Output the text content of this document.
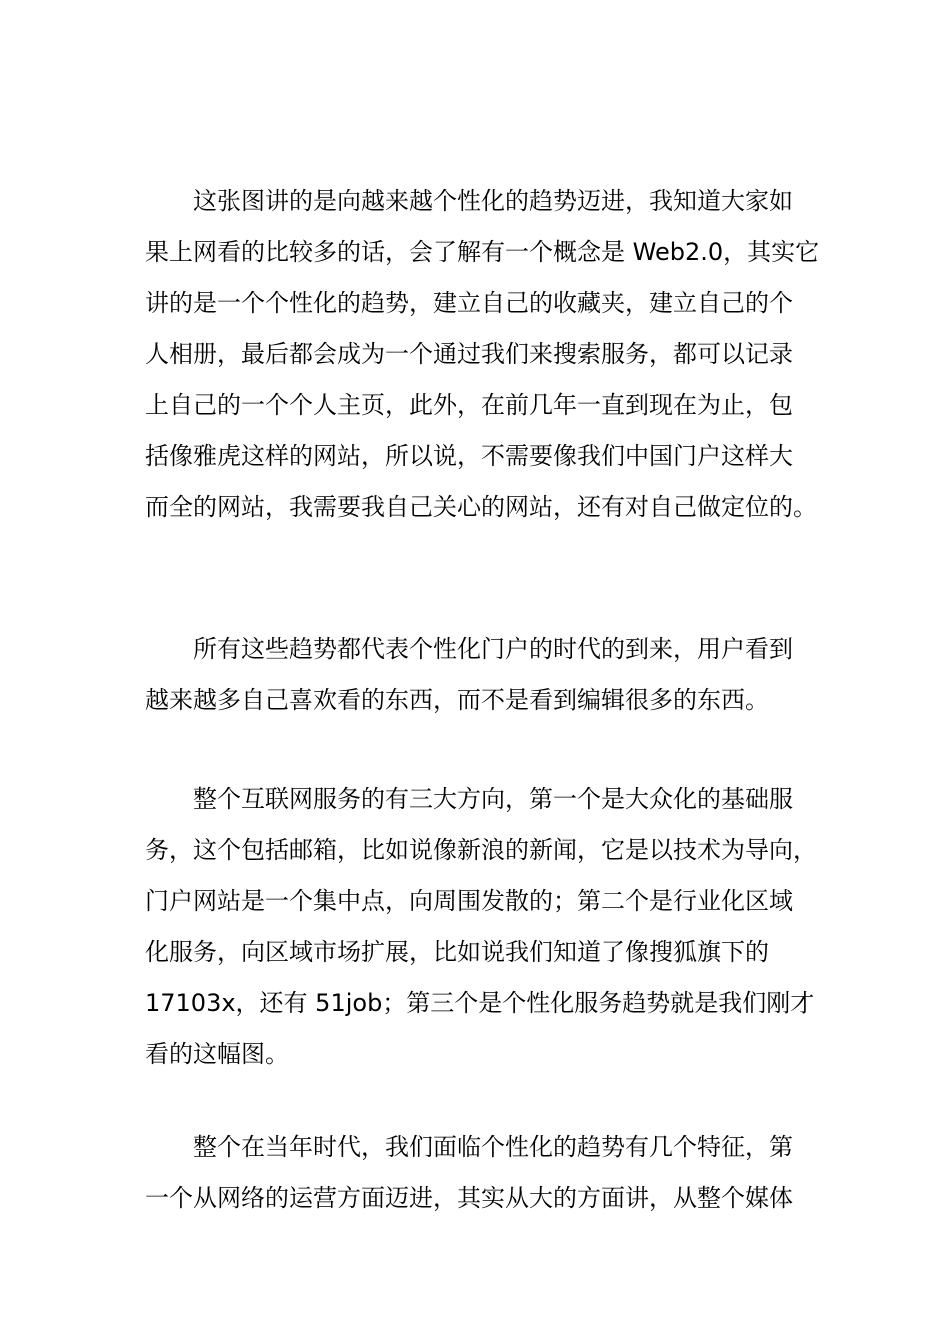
这张图讲的是向越来越个性化的趋势迈进，我知道大家如
果上网看的比较多的话，会了解有一个概念是 Web2.0，其实它
讲的是一个个性化的趋势，建立自己的收藏夹，建立自己的个
人相册，最后都会成为一个通过我们来搜索服务，都可以记录
上自己的一个个人主页，此外，在前几年一直到现在为止，包
括像雅虎这样的网站，所以说，不需要像我们中国门户这样大
而全的网站，我需要我自己关心的网站，还有对自己做定位的。
所有这些趋势都代表个性化门户的时代的到来，用户看到
越来越多自己喜欢看的东西，而不是看到编辑很多的东西。
整个互联网服务的有三大方向，第一个是大众化的基础服
务，这个包括邮箱，比如说像新浪的新闻，它是以技术为导向，
门户网站是一个集中点，向周围发散的；第二个是行业化区域
化服务，向区域市场扩展，比如说我们知道了像搜狐旗下的
17103x，还有 51job；第三个是个性化服务趋势就是我们刚才
看的这幅图。
整个在当年时代，我们面临个性化的趋势有几个特征，第
一个从网络的运营方面迈进，其实从大的方面讲，从整个媒体
